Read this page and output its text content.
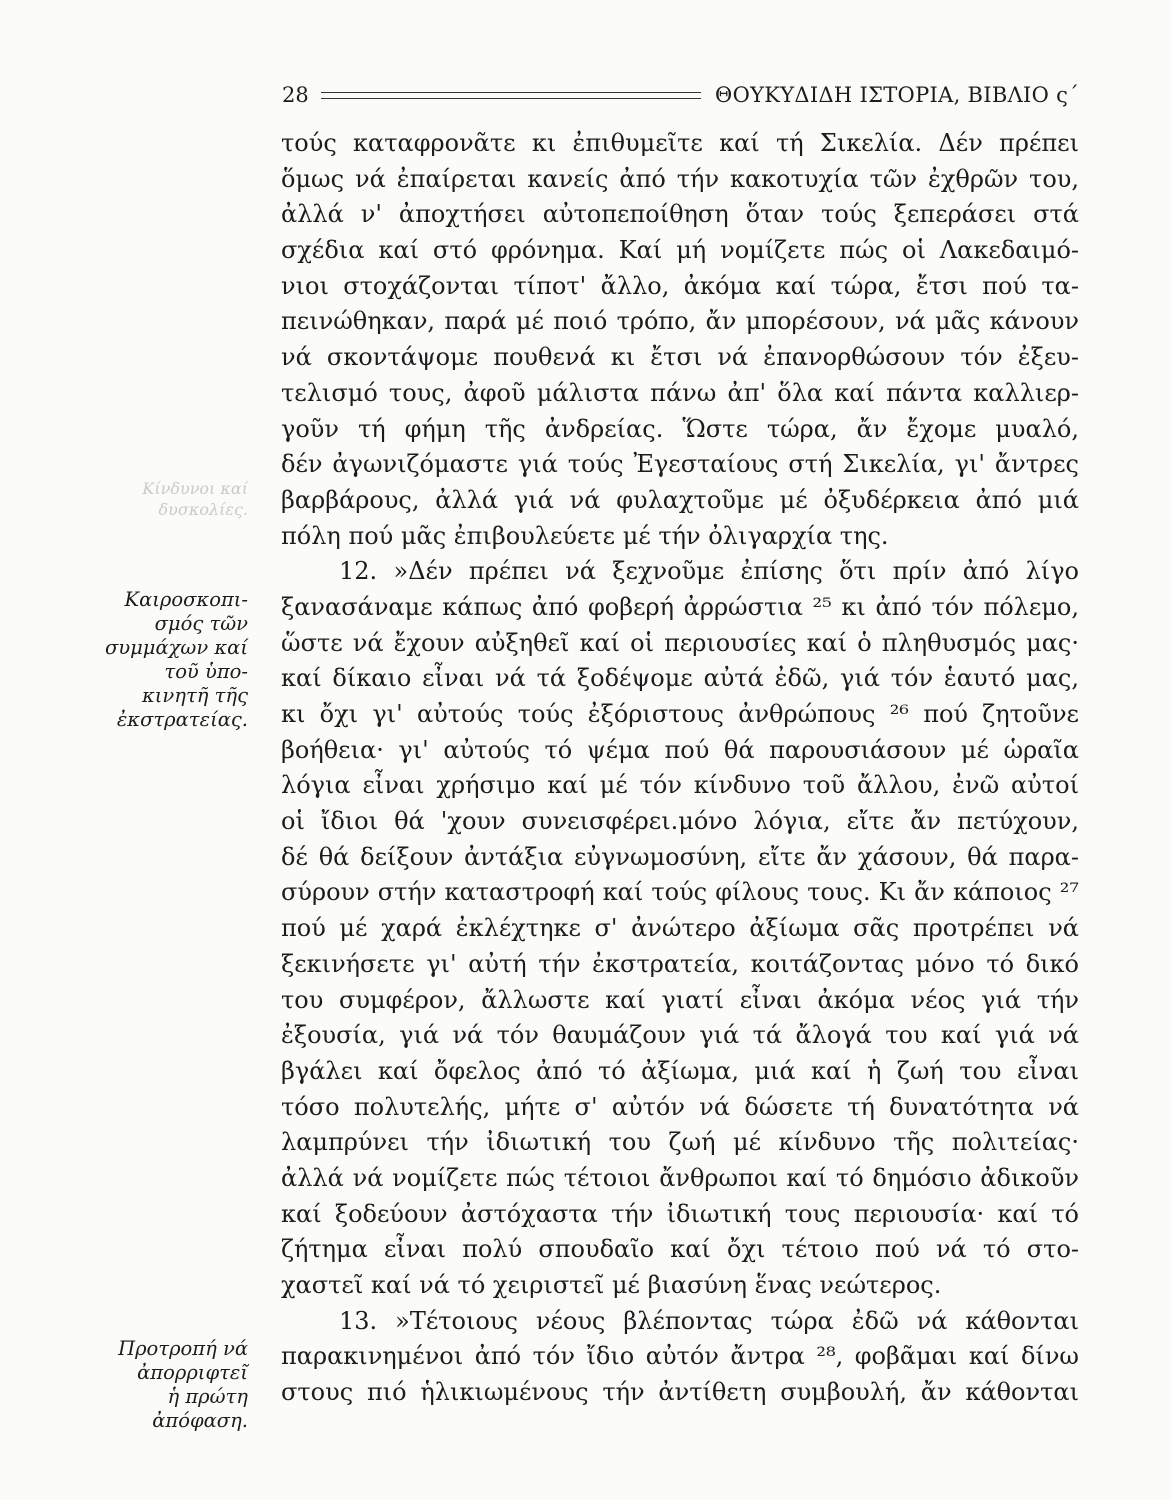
28	ΘΟΥΚΥΔΙΔΗ ΙΣΤΟΡΙΑ, ΒΙΒΛΙΟ ς΄
Κίνδυνοι καί
δυσκολίες.
Καιροσκοπι-
σμός τῶν
συμμάχων καί
τοῦ ὑπο-
κινητῆ τῆς
ἐκστρατείας.
Προτροπή νά
ἀπορριφτεῖ
ἡ πρώτη
ἀπόφαση.
τούς καταφρονᾶτε κι ἐπιθυμεῖτε καί τή Σικελία. Δέν πρέπει
ὅμως νά ἐπαίρεται κανείς ἀπό τήν κακοτυχία τῶν ἐχθρῶν του,
ἀλλά ν' ἀποχτήσει αὐτοπεποίθηση ὅταν τούς ξεπεράσει στά
σχέδια καί στό φρόνημα. Καί μή νομίζετε πώς οἱ Λακεδαιμό-
νιοι στοχάζονται τίποτ' ἄλλο, ἀκόμα καί τώρα, ἔτσι πού τα-
πεινώθηκαν, παρά μέ ποιό τρόπο, ἄν μπορέσουν, νά μᾶς κάνουν
νά σκοντάψομε πουθενά κι ἔτσι νά ἐπανορθώσουν τόν ἐξευ-
τελισμό τους, ἀφοῦ μάλιστα πάνω ἀπ' ὅλα καί πάντα καλλιερ-
γοῦν τή φήμη τῆς ἀνδρείας. Ὥστε τώρα, ἄν ἔχομε μυαλό,
δέν ἀγωνιζόμαστε γιά τούς Ἐγεσταίους στή Σικελία, γι' ἄντρες
βαρβάρους, ἀλλά γιά νά φυλαχτοῦμε μέ ὀξυδέρκεια ἀπό μιά
πόλη πού μᾶς ἐπιβουλεύετε μέ τήν ὀλιγαρχία της.
12. »Δέν πρέπει νά ξεχνοῦμε ἐπίσης ὅτι πρίν ἀπό λίγο
ξανασάναμε κάπως ἀπό φοβερή ἀρρώστια ²⁵ κι ἀπό τόν πόλεμο,
ὥστε νά ἔχουν αὐξηθεῖ καί οἱ περιουσίες καί ὁ πληθυσμός μας·
καί δίκαιο εἶναι νά τά ξοδέψομε αὐτά ἐδῶ, γιά τόν ἑαυτό μας,
κι ὄχι γι' αὐτούς τούς ἐξόριστους ἀνθρώπους ²⁶ πού ζητοῦνε
βοήθεια· γι' αὐτούς τό ψέμα πού θά παρουσιάσουν μέ ὡραῖα
λόγια εἶναι χρήσιμο καί μέ τόν κίνδυνο τοῦ ἄλλου, ἐνῶ αὐτοί
οἱ ἴδιοι θά 'χουν συνεισφέρει.μόνο λόγια, εἴτε ἄν πετύχουν,
δέ θά δείξουν ἀντάξια εὐγνωμοσύνη, εἴτε ἄν χάσουν, θά παρα-
σύρουν στήν καταστροφή καί τούς φίλους τους. Κι ἄν κάποιος ²⁷
πού μέ χαρά ἐκλέχτηκε σ' ἀνώτερο ἀξίωμα σᾶς προτρέπει νά
ξεκινήσετε γι' αὐτή τήν ἐκστρατεία, κοιτάζοντας μόνο τό δικό
του συμφέρον, ἄλλωστε καί γιατί εἶναι ἀκόμα νέος γιά τήν
ἐξουσία, γιά νά τόν θαυμάζουν γιά τά ἄλογά του καί γιά νά
βγάλει καί ὄφελος ἀπό τό ἀξίωμα, μιά καί ἡ ζωή του εἶναι
τόσο πολυτελής, μήτε σ' αὐτόν νά δώσετε τή δυνατότητα νά
λαμπρύνει τήν ἰδιωτική του ζωή μέ κίνδυνο τῆς πολιτείας·
ἀλλά νά νομίζετε πώς τέτοιοι ἄνθρωποι καί τό δημόσιο ἀδικοῦν
καί ξοδεύουν ἀστόχαστα τήν ἰδιωτική τους περιουσία· καί τό
ζήτημα εἶναι πολύ σπουδαῖο καί ὄχι τέτοιο πού νά τό στο-
χαστεῖ καί νά τό χειριστεῖ μέ βιασύνη ἕνας νεώτερος.
13. »Τέτοιους νέους βλέποντας τώρα ἐδῶ νά κάθονται
παρακινημένοι ἀπό τόν ἴδιο αὐτόν ἄντρα ²⁸, φοβᾶμαι καί δίνω
στους πιό ἡλικιωμένους τήν ἀντίθετη συμβουλή, ἄν κάθονται
